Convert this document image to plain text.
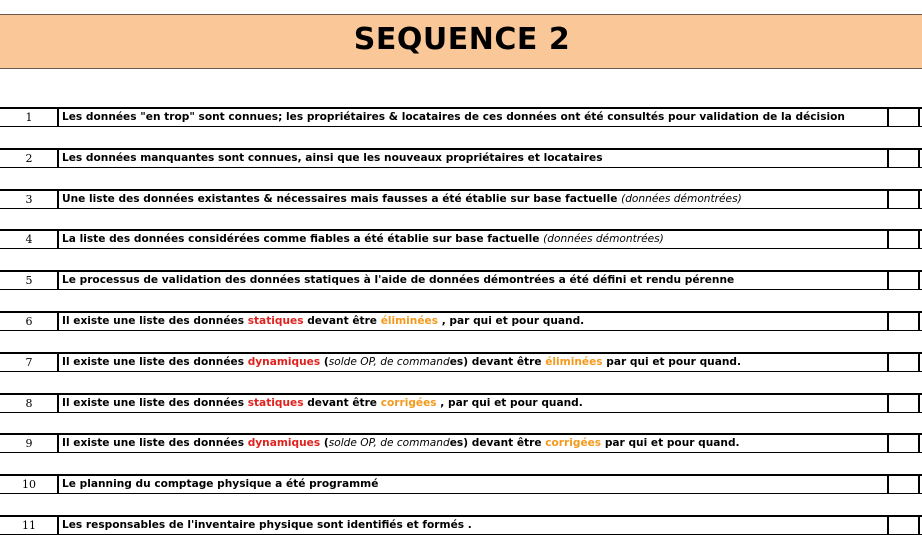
SEQUENCE 2
1	Les données "en trop" sont connues; les propriétaires & locataires de ces données ont été consultés pour validation de la décision
2	Les données manquantes sont connues, ainsi que les nouveaux propriétaires et locataires
3	Une liste des données existantes & nécessaires mais fausses a été établie sur base factuelle (données démontrées)
4	La liste des données considérées comme fiables a été établie sur base factuelle (données démontrées)
5	Le processus de validation des données statiques à l'aide de données démontrées a été défini et rendu pérenne
6	Il existe une liste des données statiques devant être éliminées , par qui et pour quand.
7	Il existe une liste des données dynamiques (solde OP, de commandes) devant être éliminées par qui et pour quand.
8	Il existe une liste des données statiques devant être corrigées , par qui et pour quand.
9	Il existe une liste des données dynamiques (solde OP, de commandes) devant être corrigées par qui et pour quand.
10	Le planning du comptage physique a été programmé
11	Les responsables de l'inventaire physique sont identifiés et formés .
